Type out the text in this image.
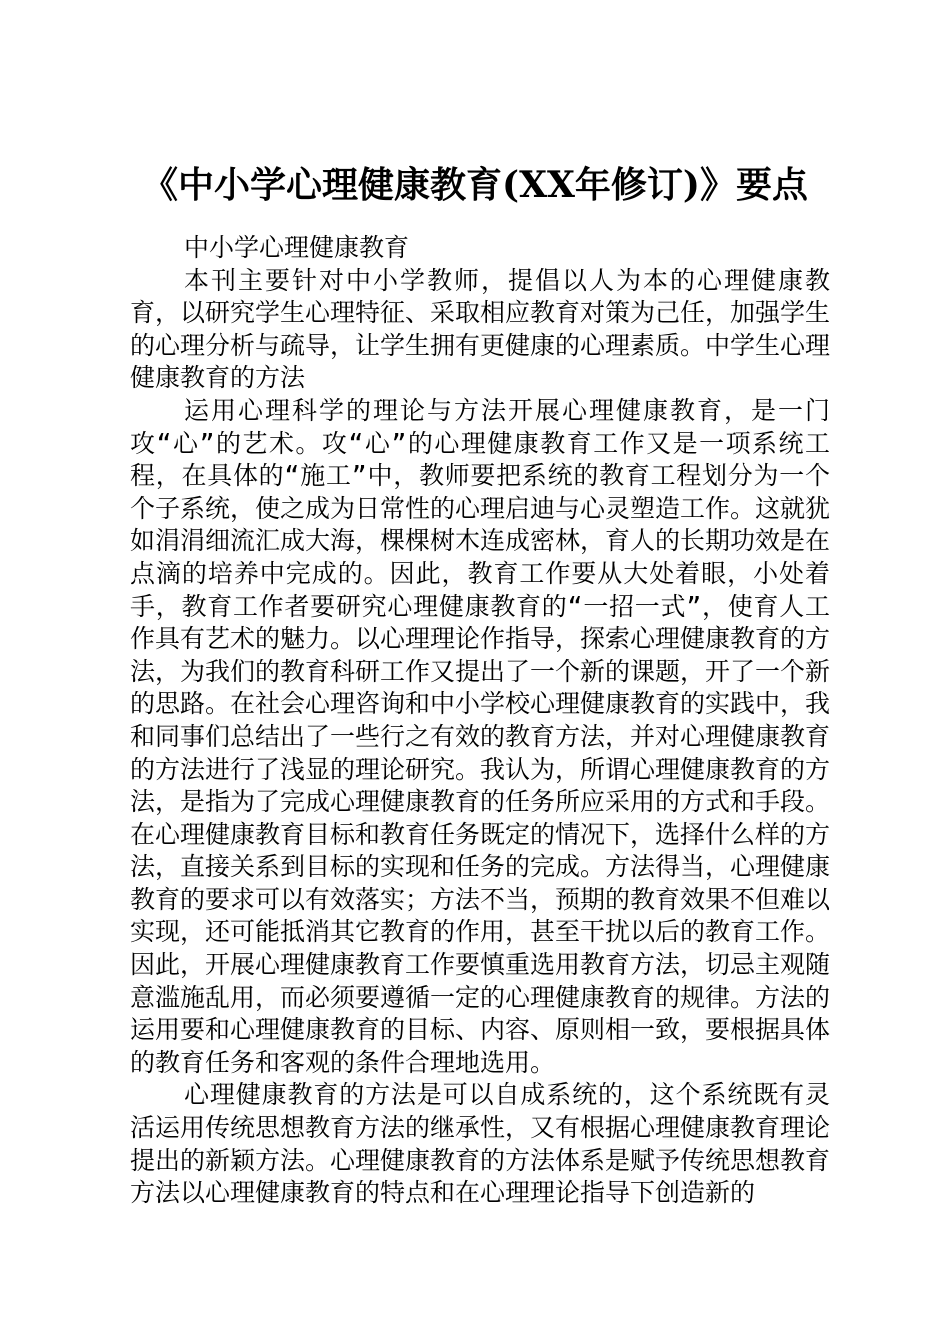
《中小学心理健康教育(XX年修订)》要点

中小学心理健康教育

本刊主要针对中小学教师，提倡以人为本的心理健康教育，以研究学生心理特征、采取相应教育对策为己任，加强学生的心理分析与疏导，让学生拥有更健康的心理素质。中学生心理健康教育的方法

运用心理科学的理论与方法开展心理健康教育，是一门攻“心”的艺术。攻“心”的心理健康教育工作又是一项系统工程，在具体的“施工”中，教师要把系统的教育工程划分为一个个子系统，使之成为日常性的心理启迪与心灵塑造工作。这就犹如涓涓细流汇成大海，棵棵树木连成密林，育人的长期功效是在点滴的培养中完成的。因此，教育工作要从大处着眼，小处着手，教育工作者要研究心理健康教育的“一招一式”，使育人工作具有艺术的魅力。以心理理论作指导，探索心理健康教育的方法，为我们的教育科研工作又提出了一个新的课题，开了一个新的思路。在社会心理咨询和中小学校心理健康教育的实践中，我和同事们总结出了一些行之有效的教育方法，并对心理健康教育的方法进行了浅显的理论研究。我认为，所谓心理健康教育的方法，是指为了完成心理健康教育的任务所应采用的方式和手段。在心理健康教育目标和教育任务既定的情况下，选择什么样的方法，直接关系到目标的实现和任务的完成。方法得当，心理健康教育的要求可以有效落实；方法不当，预期的教育效果不但难以实现，还可能抵消其它教育的作用，甚至干扰以后的教育工作。因此，开展心理健康教育工作要慎重选用教育方法，切忌主观随意滥施乱用，而必须要遵循一定的心理健康教育的规律。方法的运用要和心理健康教育的目标、内容、原则相一致，要根据具体的教育任务和客观的条件合理地选用。

心理健康教育的方法是可以自成系统的，这个系统既有灵活运用传统思想教育方法的继承性，又有根据心理健康教育理论提出的新颖方法。心理健康教育的方法体系是赋予传统思想教育方法以心理健康教育的特点和在心理理论指导下创造新的
